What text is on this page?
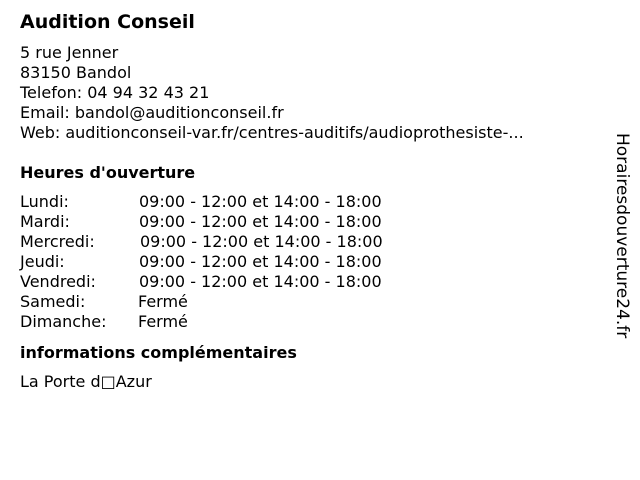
Audition Conseil
5 rue Jenner
83150 Bandol
Telefon: 04 94 32 43 21
Email: bandol@auditionconseil.fr
Web: auditionconseil-var.fr/centres-auditifs/audioprothesiste-...
Heures d'ouverture
Lundi:	09:00 - 12:00 et 14:00 - 18:00
Mardi:	09:00 - 12:00 et 14:00 - 18:00
Mercredi:	09:00 - 12:00 et 14:00 - 18:00
Jeudi:	09:00 - 12:00 et 14:00 - 18:00
Vendredi:	09:00 - 12:00 et 14:00 - 18:00
Samedi:	Fermé
Dimanche: Fermé
informations complémentaires
La Porte d□Azur
Horairesdouverture24.fr
